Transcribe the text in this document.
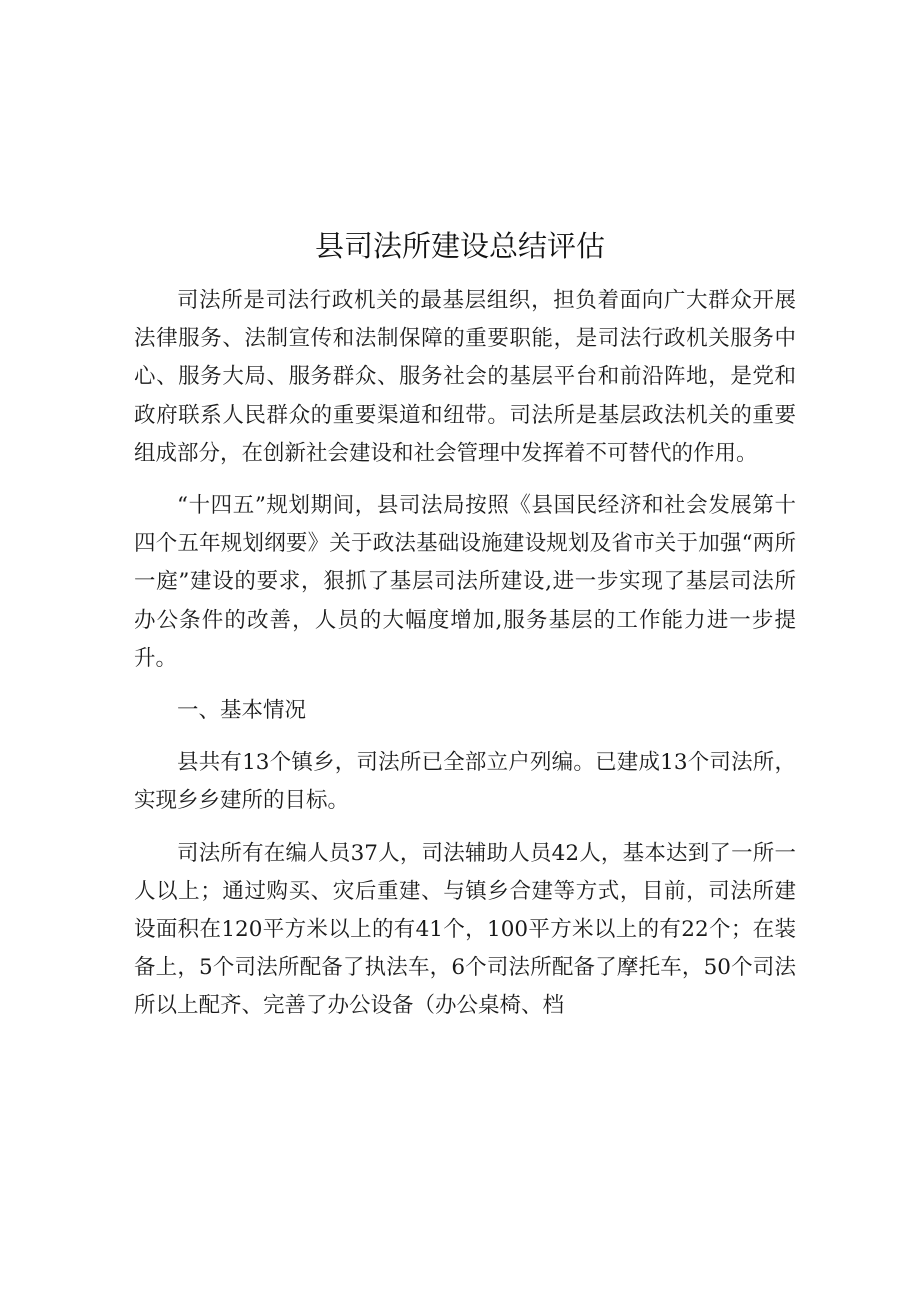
县司法所建设总结评估

司法所是司法行政机关的最基层组织，担负着面向广大群众开展法律服务、法制宣传和法制保障的重要职能，是司法行政机关服务中心、服务大局、服务群众、服务社会的基层平台和前沿阵地，是党和政府联系人民群众的重要渠道和纽带。司法所是基层政法机关的重要组成部分，在创新社会建设和社会管理中发挥着不可替代的作用。

“十四五”规划期间，县司法局按照《县国民经济和社会发展第十四个五年规划纲要》关于政法基础设施建设规划及省市关于加强“两所一庭”建设的要求，狠抓了基层司法所建设,进一步实现了基层司法所办公条件的改善，人员的大幅度增加,服务基层的工作能力进一步提升。

一、基本情况

县共有13个镇乡，司法所已全部立户列编。已建成13个司法所，实现乡乡建所的目标。

司法所有在编人员37人，司法辅助人员42人，基本达到了一所一人以上；通过购买、灾后重建、与镇乡合建等方式，目前，司法所建设面积在120平方米以上的有41个，100平方米以上的有22个；在装备上，5个司法所配备了执法车，6个司法所配备了摩托车，50个司法所以上配齐、完善了办公设备（办公桌椅、档
